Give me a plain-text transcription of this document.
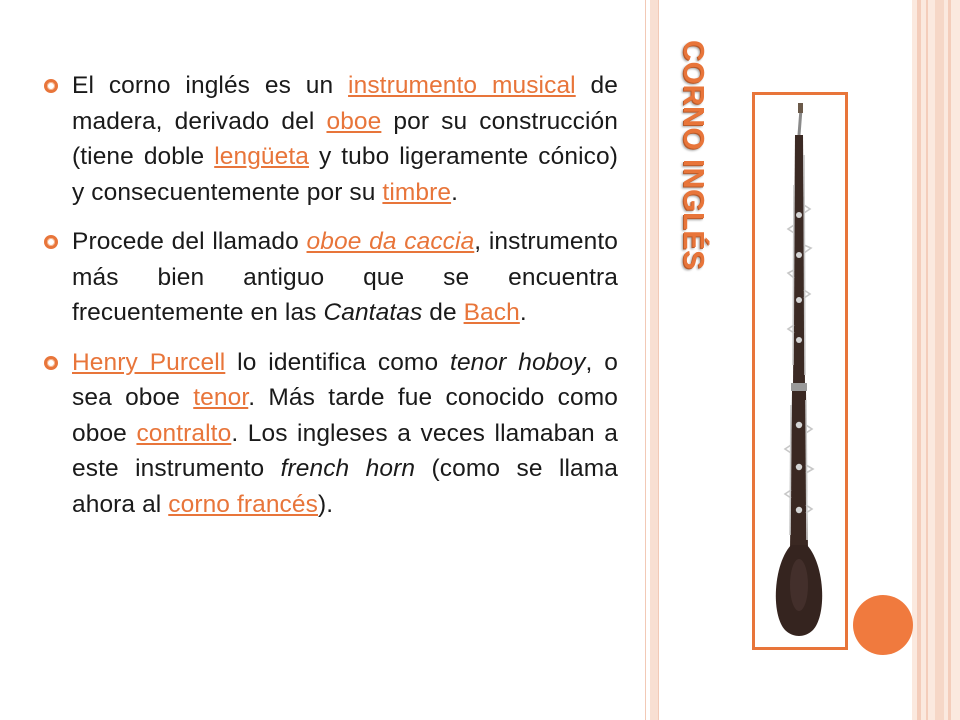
El corno inglés es un instrumento musical de madera, derivado del oboe por su construcción (tiene doble lengüeta y tubo ligeramente cónico) y consecuentemente por su timbre.

Procede del llamado oboe da caccia, instrumento más bien antiguo que se encuentra frecuentemente en las Cantatas de Bach.

Henry Purcell lo identifica como tenor hoboy, o sea oboe tenor. Más tarde fue conocido como oboe contralto. Los ingleses a veces llamaban a este instrumento french horn (como se llama ahora al corno francés).

CORNO INGLÉS
